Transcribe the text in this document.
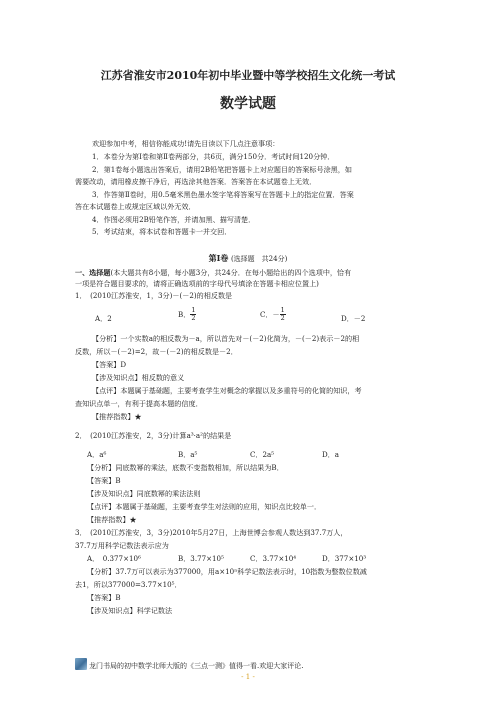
江苏省淮安市2010年初中毕业暨中等学校招生文化统一考试
数学试题
欢迎参加中考，相信你能成功!请先目读以下几点注意事项：
1．本卷分为第Ⅰ卷和第Ⅱ卷两部分，共6页，满分150分．考试时间120分钟．
2．第1卷每小题选出答案后，请用2B铅笔把答题卡上对应题目的答案标号涂黑，如
需要改动，请用橡皮擦干净后，再选涂其他答案．答案答在本试题卷上无效．
3．作答第Ⅱ卷时，用0.5毫米黑色墨水签字笔将答案写在答题卡上的指定位置．答案
答在本试题卷上或规定区域以外无效．
4．作图必须用2B铅笔作答，并请加黑、描写清楚．
5．考试结束，将本试卷和答题卡一并交回．
第Ⅰ卷 (选择题　共24分)
一、选择题(本大题共有8小题，每小题3分，共24分．在每小题给出的四个选项中，恰有
一项是符合题目要求的，请将正确选项前的字母代号填涂在答题卡相应位置上)
1．　(2010江苏淮安，1，3分)－(－2)的相反数是
A．2	B． $\frac{1}{2}$	C．－ $\frac{1}{2}$	D．－2
【分析】一个实数a的相反数为－a，所以首先对－(－2)化简为，－(－2)表示－2的相
反数，所以－(－2)=2，故－(－2)的相反数是－2．
【答案】D
【涉及知识点】相反数的意义
【点评】本题属于基础题，主要考查学生对概念的掌握以及多重符号的化简的知识，考
查知识点单一，有利于提高本题的信度．
【推荐指数】★
2．　(2010江苏淮安，2，3分)计算a³·a²的结果是
A．a⁶	B．a⁵	C．2a⁵	D．a
【分析】同底数幂的乘法，底数不变指数相加，所以结果为B．
【答案】B
【涉及知识点】同底数幂的乘法法则
【点评】本题属于基础题，主要考查学生对法则的应用，知识点比较单一．
【推荐指数】★
3．　(2010江苏淮安，3，3分)2010年5月27日，上海世博会参观人数达到37.7万人，
37.7万用科学记数法表示应为
A．　0.377×10⁶	B．3.77×10⁵	C．3.77×10⁴	D．377×10³
【分析】37.7万可以表示为377000，用a×10ⁿ科学记数法表示时，10指数为整数位数减
去1，所以377000=3.77×10⁵．
【答案】B
【涉及知识点】科学记数法
龙门书局的初中数学北师大版的《三点一测》值得一看.欢迎大家评论.
- 1 -
